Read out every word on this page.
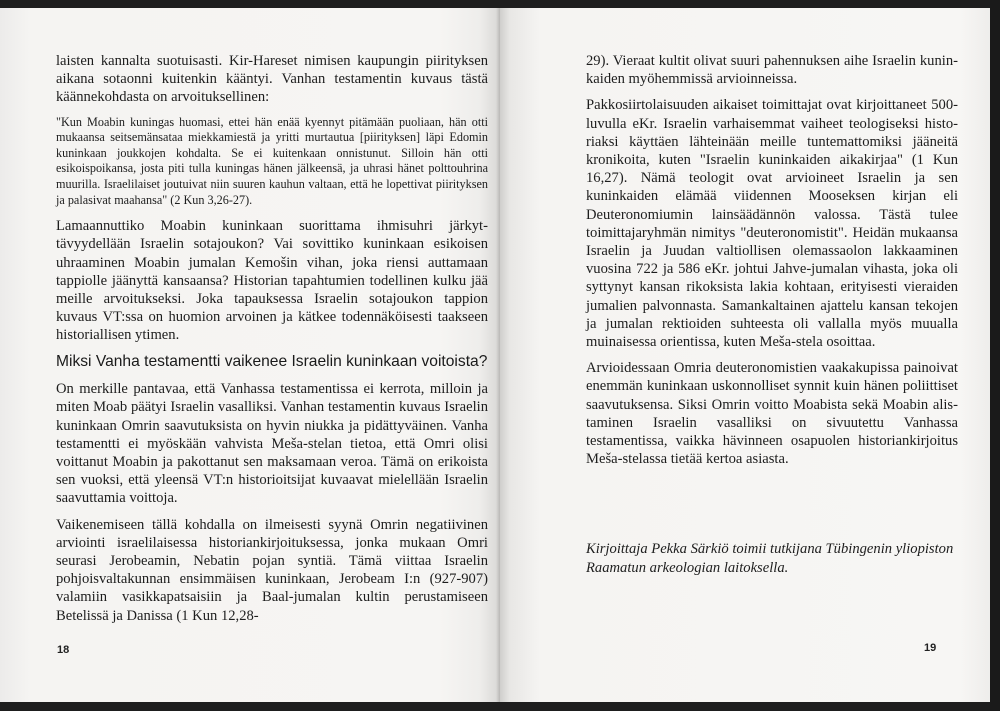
laisten kannalta suotuisasti. Kir-Hareset nimisen kaupungin piirityksen aikana sotaonni kuitenkin kääntyi. Vanhan testamentin kuvaus tästä käännekohdasta on arvoituksellinen:

"Kun Moabin kuningas huomasi, ettei hän enää kyennyt pitämään puoliaan, hän otti mukaansa seitsemänsataa miekkamiestä ja yritti murtautua [piirityksen] läpi Edomin kuninkaan joukkojen kohdalta. Se ei kuitenkaan onnistunut. Silloin hän otti esikoispoikansa, josta piti tulla kuningas hänen jälkeensä, ja uhrasi hänet polttouhrina muurilla. Israelilaiset joutuivat niin suuren kauhun valtaan, että he lopettivat piirityksen ja palasivat maahansa" (2 Kun 3,26-27).

Lamaannuttiko Moabin kuninkaan suorittama ihmisuhri järkyttävyydellään Israelin sotajoukon? Vai sovittiko kuninkaan esikoisen uhraaminen Moabin jumalan Kemošin vihan, joka riensi auttamaan tappiolle jäänyttä kansaansa? Historian tapahtumien todellinen kulku jää meille arvoitukseksi. Joka tapauksessa Israelin sotajoukon tappion kuvaus VT:ssa on huomion arvoinen ja kätkee todennäköisesti taakseen historiallisen ytimen.

Miksi Vanha testamentti vaikenee Israelin kuninkaan voitoista?

On merkille pantavaa, että Vanhassa testamentissa ei kerrota, milloin ja miten Moab päätyi Israelin vasalliksi. Vanhan testamentin kuvaus Israelin kuninkaan Omrin saavutuksista on hyvin niukka ja pidättyväinen. Vanha testamentti ei myöskään vahvista Meša-stelan tietoa, että Omri olisi voittanut Moabin ja pakottanut sen maksamaan veroa. Tämä on erikoista sen vuoksi, että yleensä VT:n historioitsijat kuvaavat mielellään Israelin saavuttamia voittoja.

Vaikenemiseen tällä kohdalla on ilmeisesti syynä Omrin negatiivinen arviointi israelilaisessa historiankirjoituksessa, jonka mukaan Omri seurasi Jerobeamin, Nebatin pojan syntiä. Tämä viittaa Israelin pohjoisvaltakunnan ensimmäisen kuninkaan, Jerobeam I:n (927-907) valamiin vasikkapatsaisiin ja Baal-jumalan kultin perustamiseen Betelissä ja Danissa (1 Kun 12,28-

18

29). Vieraat kultit olivat suuri pahennuksen aihe Israelin kuninkaiden myöhemmissä arvioinneissa.

Pakkosiirtolaisuuden aikaiset toimittajat ovat kirjoittaneet 500-luvulla eKr. Israelin varhaisemmat vaiheet teologiseksi historiaksi käyttäen lähteinään meille tuntemattomiksi jääneitä kronikoita, kuten "Israelin kuninkaiden aikakirjaa" (1 Kun 16,27). Nämä teologit ovat arvioineet Israelin ja sen kuninkaiden elämää viidennen Mooseksen kirjan eli Deuteronomiumin lainsäädännön valossa. Tästä tulee toimittajaryhmän nimitys "deuteronomistit". Heidän mukaansa Israelin ja Juudan valtiollisen olemassaolon lakkaaminen vuosina 722 ja 586 eKr. johtui Jahve-jumalan vihasta, joka oli syttynyt kansan rikoksista lakia kohtaan, erityisesti vieraiden jumalien palvonnasta. Samankaltainen ajattelu kansan tekojen ja jumalan rektioiden suhteesta oli vallalla myös muualla muinaisessa orientissa, kuten Meša-stela osoittaa.

Arvioidessaan Omria deuteronomistien vaakakupissa painoivat enemmän kuninkaan uskonnolliset synnit kuin hänen poliittiset saavutuksensa. Siksi Omrin voitto Moabista sekä Moabin alistaminen Israelin vasalliksi on sivuutettu Vanhassa testamentissa, vaikka hävinneen osapuolen historiankirjoitus Meša-stelassa tietää kertoa asiasta.

Kirjoittaja Pekka Särkiö toimii tutkijana Tübingenin yliopiston Raamatun arkeologian laitoksella.

19
